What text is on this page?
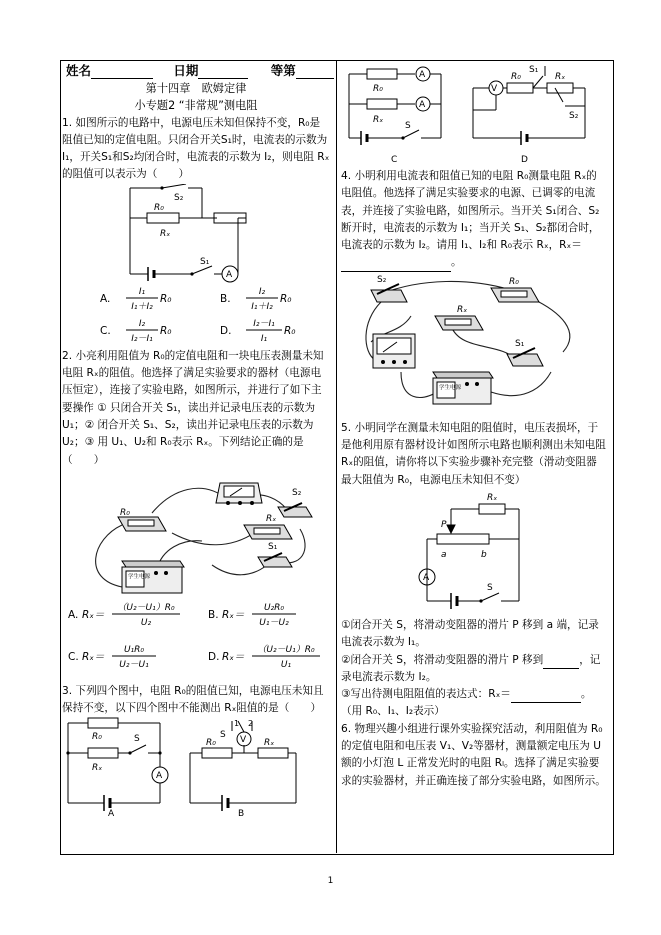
姓名	日期	等第
第十四章　欧姆定律
小专题2 “非常规”测电阻

1. 如图所示的电路中，电源电压未知但保持不变，R₀是阻值已知的定值电阻。只闭合开关S₁时，电流表的示数为 I₁，开关S₁和S₂均闭合时，电流表的示数为 I₂，则电阻 Rₓ的阻值可以表示为（　　）

S₂
R₀
Rₓ
S₁
A
A.
I₁
I₁＋I₂
R₀	B.
I₂
I₁＋I₂
R₀
C.
I₂
I₂－I₁
R₀	D.
I₂－I₁
I₁
R₀

2. 小亮利用阻值为 R₀的定值电阻和一块电压表测量未知电阻 Rₓ的阻值。他选择了满足实验要求的器材（电源电压恒定），连接了实验电路，如图所示，并进行了如下主要操作 ① 只闭合开关 S₁，读出并记录电压表的示数为 U₁；② 闭合开关 S₁、S₂，读出并记录电压表的示数为 U₂；③ 用 U₁、U₂和 R₀表示 Rₓ。下列结论正确的是（　　）

R₀
Rₓ
S₂
S₁
学生电源
A. Rₓ＝
（U₂－U₁）R₀
U₂
B. Rₓ＝
U₂R₀
U₁－U₂
C. Rₓ＝
U₁R₀
U₂－U₁
D. Rₓ＝
（U₂－U₁）R₀
U₁

3. 下列四个图中，电阻 R₀的阻值已知，电源电压未知且保持不变，以下四个图中不能测出 Rₓ阻值的是（　　）

R₀
Rₓ
S
A
A
1 2
S V
R₀	Rₓ
B
R₀
A
Rₓ
A
S
C
V
R₀
S₁
Rₓ
S₂
D

4. 小明利用电流表和阻值已知的电阻 R₀测量电阻 Rₓ的电阻值。他选择了满足实验要求的电源、已调零的电流表，并连接了实验电路，如图所示。当开关 S₁闭合、S₂断开时，电流表的示数为 I₁；当开关 S₁、S₂都闭合时，电流表的示数为 I₂。请用 I₁、I₂和 R₀表示 Rₓ，Rₓ＝。

S₂	R₀
Rₓ
S₁
学生电源

5. 小明同学在测量未知电阻的阻值时，电压表损坏，于是他利用原有器材设计如图所示电路也顺利测出未知电阻 Rₓ的阻值，请你将以下实验步骤补充完整（滑动变阻器最大阻值为 R₀，电源电压未知但不变）

Rₓ
P
a	b
A
S

①闭合开关 S，将滑动变阻器的滑片 P 移到 a 端，记录电流表示数为 I₁。

②闭合开关 S，将滑动变阻器的滑片 P 移到	，记录电流表示数为 I₂。

③写出待测电阻阻值的表达式：Rₓ＝	。

（用 R₀、I₁、I₂表示）

6. 物理兴趣小组进行课外实验探究活动，利用阻值为 R₀的定值电阻和电压表 V₁、V₂等器材，测量额定电压为 U 额的小灯泡 L 正常发光时的电阻 Rₗ。选择了满足实验要求的实验器材，并正确连接了部分实验电路，如图所示。

1
